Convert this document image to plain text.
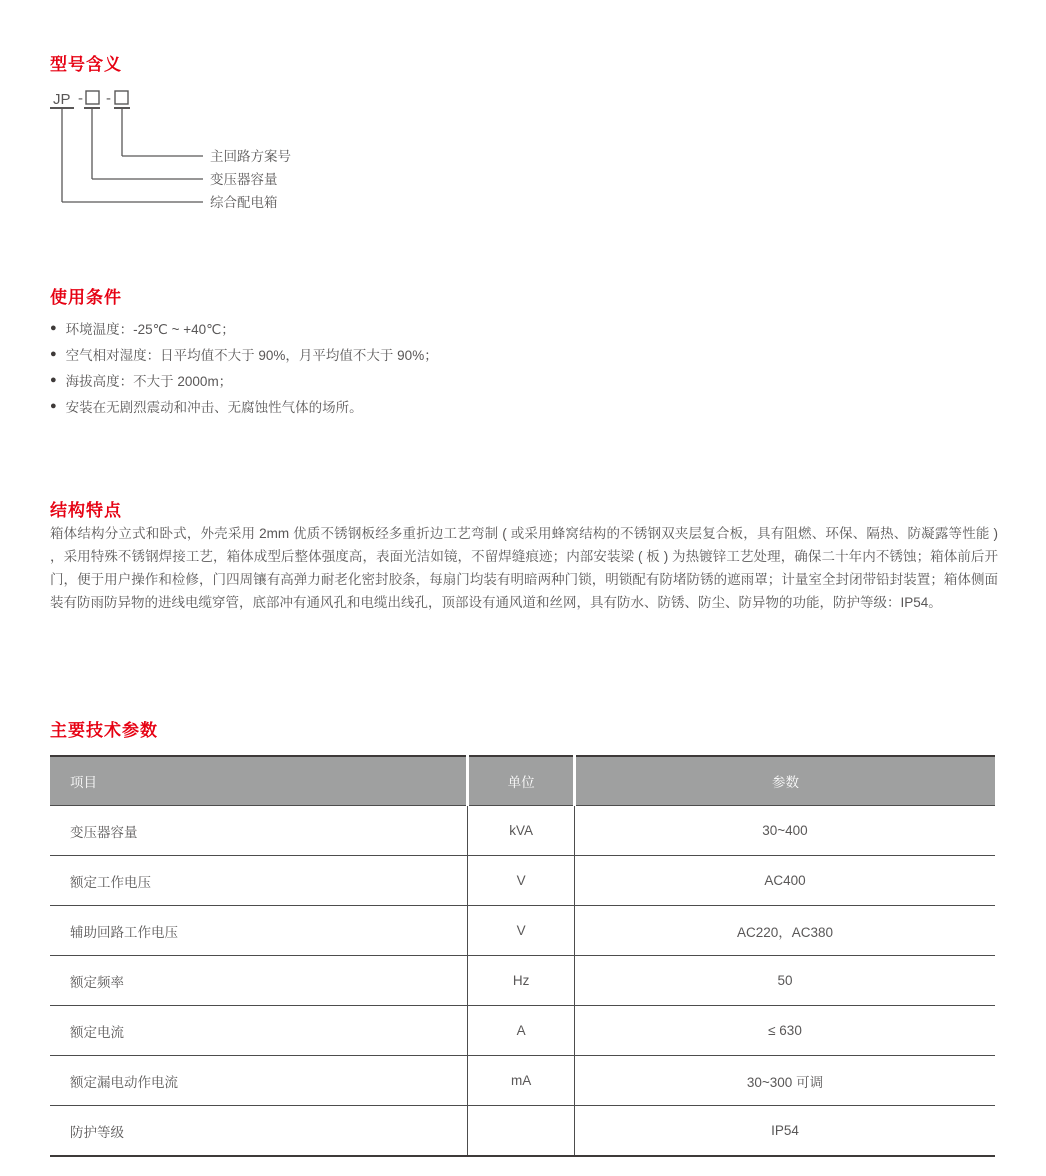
型号含义
JP - -
主回路方案号
变压器容量
综合配电箱
使用条件
● 环境温度：-25℃ ~ +40℃；
● 空气相对湿度：日平均值不大于 90%，月平均值不大于 90%；
● 海拔高度：不大于 2000m；
● 安装在无剧烈震动和冲击、无腐蚀性气体的场所。
结构特点

箱体结构分立式和卧式，外壳采用 2mm 优质不锈钢板经多重折边工艺弯制 ( 或采用蜂窝结构的不锈钢双夹层复合板，具有阻燃、环保、隔热、防凝露等性能 ) ，采用特殊不锈钢焊接工艺，箱体成型后整体强度高，表面光洁如镜，不留焊缝痕迹；内部安装梁 ( 板 ) 为热镀锌工艺处理，确保二十年内不锈蚀；箱体前后开门，便于用户操作和检修，门四周镶有高弹力耐老化密封胶条，每扇门均装有明暗两种门锁，明锁配有防堵防锈的遮雨罩；计量室全封闭带铅封装置；箱体侧面装有防雨防异物的进线电缆穿管，底部冲有通风孔和电缆出线孔，顶部设有通风道和丝网，具有防水、防锈、防尘、防异物的功能，防护等级：IP54。

主要技术参数
项目	单位	参数
变压器容量	kVA	30~400
额定工作电压	V	AC400
辅助回路工作电压	V	AC220，AC380
额定频率	Hz	50
额定电流	A	≤ 630
额定漏电动作电流	mA	30~300 可调
防护等级		IP54
